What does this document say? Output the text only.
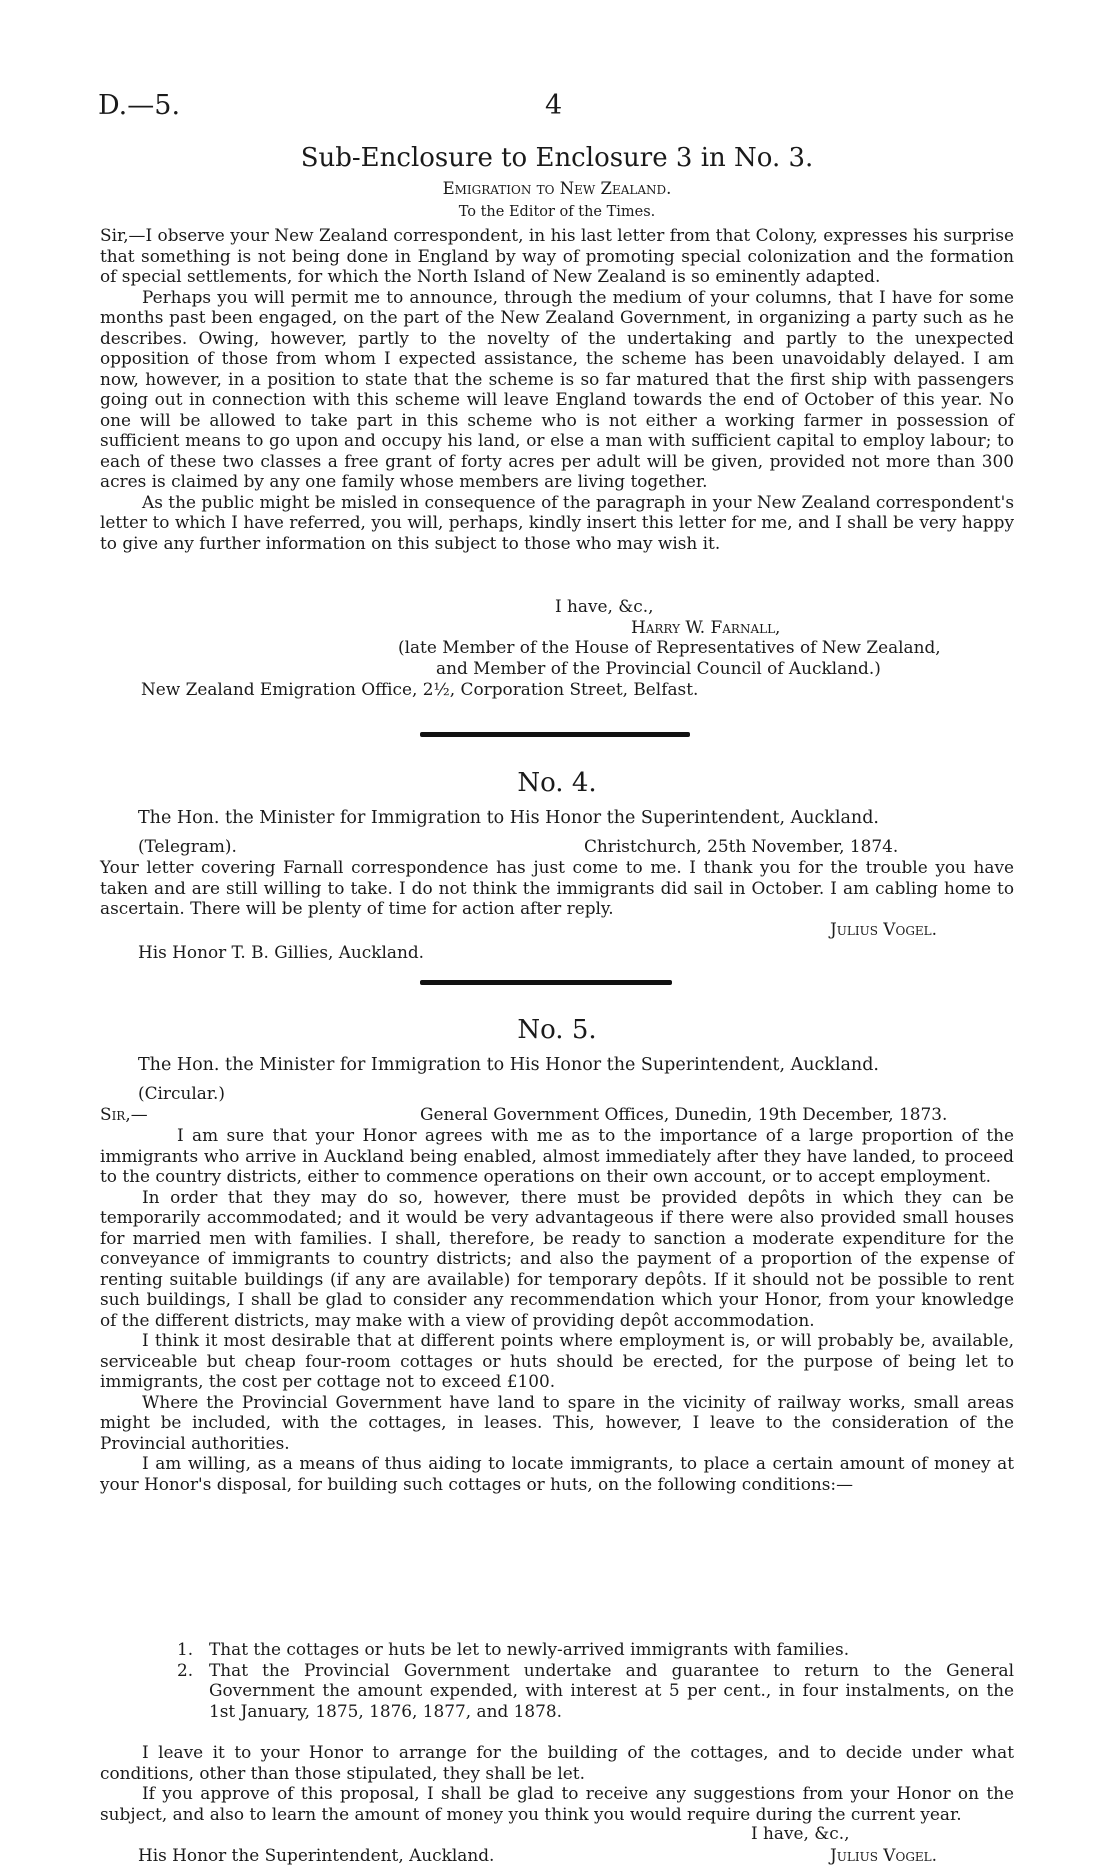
D.—5.	4
Sub-Enclosure to Enclosure 3 in No. 3.
Emigration to New Zealand.
To the Editor of the Times.

Sir,—I observe your New Zealand correspondent, in his last letter from that Colony, expresses his surprise that something is not being done in England by way of promoting special colonization and the formation of special settlements, for which the North Island of New Zealand is so eminently adapted.

Perhaps you will permit me to announce, through the medium of your columns, that I have for some months past been engaged, on the part of the New Zealand Government, in organizing a party such as he describes. Owing, however, partly to the novelty of the undertaking and partly to the unexpected opposition of those from whom I expected assistance, the scheme has been unavoidably delayed. I am now, however, in a position to state that the scheme is so far matured that the first ship with passengers going out in connection with this scheme will leave England towards the end of October of this year. No one will be allowed to take part in this scheme who is not either a working farmer in possession of sufficient means to go upon and occupy his land, or else a man with sufficient capital to employ labour; to each of these two classes a free grant of forty acres per adult will be given, provided not more than 300 acres is claimed by any one family whose members are living together.

As the public might be misled in consequence of the paragraph in your New Zealand correspondent's letter to which I have referred, you will, perhaps, kindly insert this letter for me, and I shall be very happy to give any further information on this subject to those who may wish it.

I have, &c.,
Harry W. Farnall,
(late Member of the House of Representatives of New Zealand,
and Member of the Provincial Council of Auckland.)
New Zealand Emigration Office, 2½, Corporation Street, Belfast.
No. 4.
The Hon. the Minister for Immigration to His Honor the Superintendent, Auckland.
(Telegram).	Christchurch, 25th November, 1874.
Your letter covering Farnall correspondence has just come to me. I thank you for the trouble you have taken and are still willing to take. I do not think the immigrants did sail in October. I am cabling home to ascertain. There will be plenty of time for action after reply.
Julius Vogel.
His Honor T. B. Gillies, Auckland.
No. 5.
The Hon. the Minister for Immigration to His Honor the Superintendent, Auckland.
(Circular.)
Sir,—	General Government Offices, Dunedin, 19th December, 1873.

I am sure that your Honor agrees with me as to the importance of a large proportion of the immigrants who arrive in Auckland being enabled, almost immediately after they have landed, to proceed to the country districts, either to commence operations on their own account, or to accept employment.

In order that they may do so, however, there must be provided depôts in which they can be temporarily accommodated; and it would be very advantageous if there were also provided small houses for married men with families. I shall, therefore, be ready to sanction a moderate expenditure for the conveyance of immigrants to country districts; and also the payment of a proportion of the expense of renting suitable buildings (if any are available) for temporary depôts. If it should not be possible to rent such buildings, I shall be glad to consider any recommendation which your Honor, from your knowledge of the different districts, may make with a view of providing depôt accommodation.

I think it most desirable that at different points where employment is, or will probably be, available, serviceable but cheap four-room cottages or huts should be erected, for the purpose of being let to immigrants, the cost per cottage not to exceed £100.

Where the Provincial Government have land to spare in the vicinity of railway works, small areas might be included, with the cottages, in leases. This, however, I leave to the consideration of the Provincial authorities.

I am willing, as a means of thus aiding to locate immigrants, to place a certain amount of money at your Honor's disposal, for building such cottages or huts, on the following conditions:—

1. That the cottages or huts be let to newly-arrived immigrants with families.
2. That the Provincial Government undertake and guarantee to return to the General Government the amount expended, with interest at 5 per cent., in four instalments, on the 1st January, 1875, 1876, 1877, and 1878.

I leave it to your Honor to arrange for the building of the cottages, and to decide under what conditions, other than those stipulated, they shall be let.

If you approve of this proposal, I shall be glad to receive any suggestions from your Honor on the subject, and also to learn the amount of money you think you would require during the current year.

I have, &c.,
His Honor the Superintendent, Auckland.	Julius Vogel.
